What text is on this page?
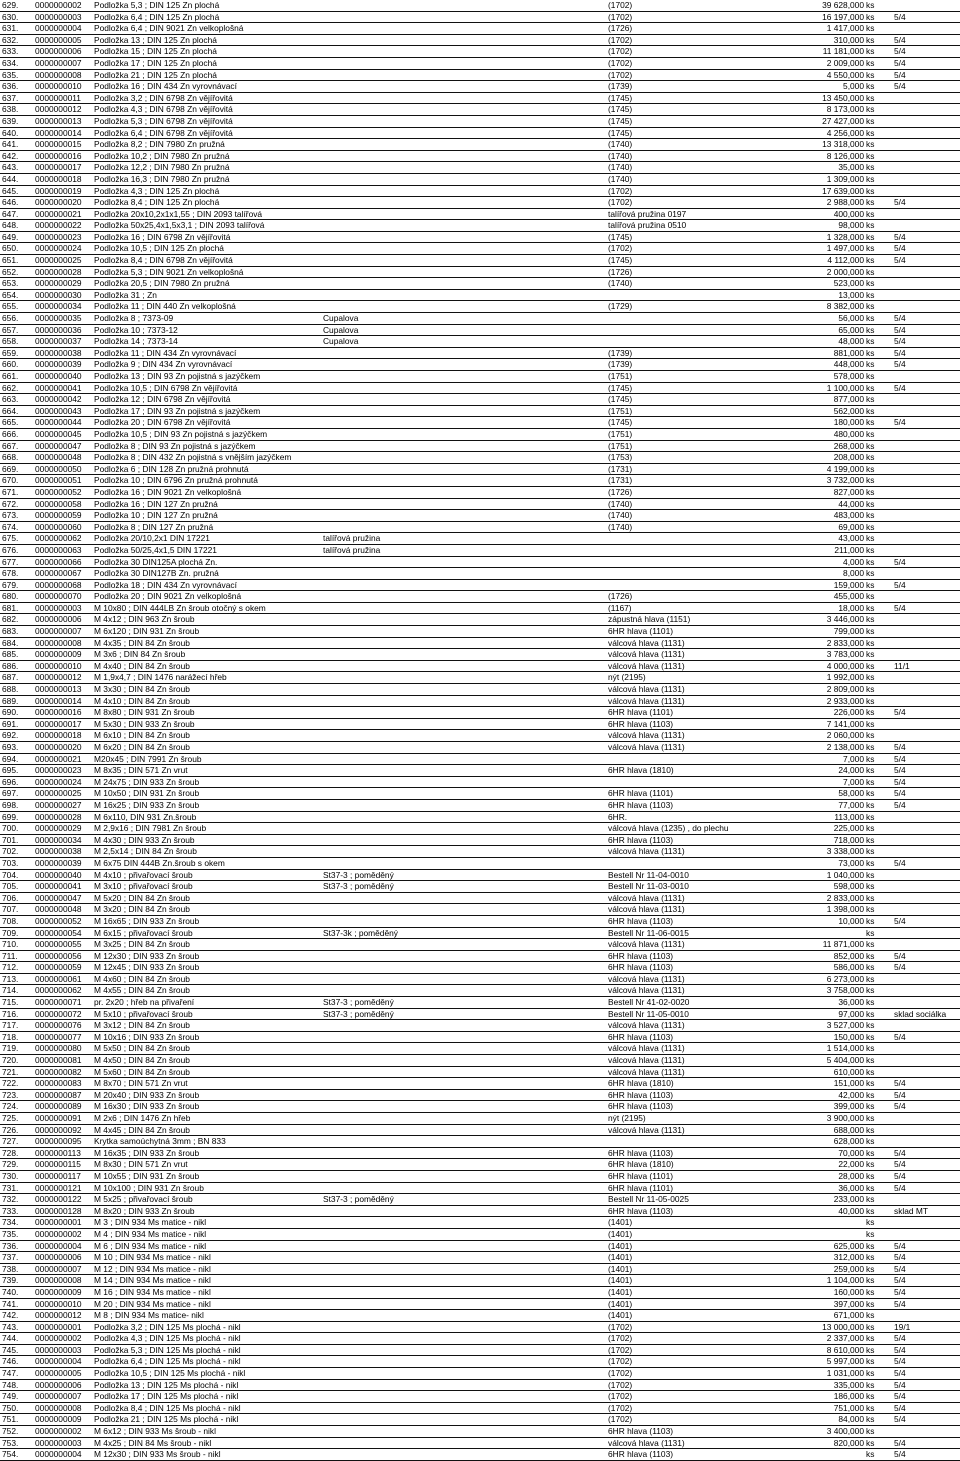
629.	0000000002	Podložka 5,3 ; DIN 125 Zn plochá	(1702)	39 628,000 ks
630.	0000000003	Podložka 6,4 ; DIN 125 Zn plochá	(1702)	16 197,000 ks	5/4
631.	0000000004	Podložka 6,4 ; DIN 9021 Zn velkoplošná	(1726)	1 417,000 ks
632.	0000000005	Podložka 13 ; DIN 125 Zn plochá	(1702)	310,000 ks	5/4
633.	0000000006	Podložka 15 ; DIN 125 Zn plochá	(1702)	11 181,000 ks	5/4
634.	0000000007	Podložka 17 ; DIN 125 Zn plochá	(1702)	2 009,000 ks	5/4
635.	0000000008	Podložka 21 ; DIN 125 Zn plochá	(1702)	4 550,000 ks	5/4
636.	0000000010	Podložka 16 ; DIN 434 Zn vyrovnávací	(1739)	5,000 ks	5/4
637.	0000000011	Podložka 3,2 ; DIN 6798 Zn vějířovitá	(1745)	13 450,000 ks
638.	0000000012	Podložka 4,3 ; DIN 6798 Zn vějířovitá	(1745)	8 173,000 ks
639.	0000000013	Podložka 5,3 ; DIN 6798 Zn vějířovitá	(1745)	27 427,000 ks
640.	0000000014	Podložka 6,4 ; DIN 6798 Zn vějířovitá	(1745)	4 256,000 ks
641.	0000000015	Podložka 8,2 ; DIN 7980 Zn pružná	(1740)	13 318,000 ks
642.	0000000016	Podložka 10,2 ; DIN 7980 Zn pružná	(1740)	8 126,000 ks
643.	0000000017	Podložka 12,2 ; DIN 7980 Zn pružná	(1740)	35,000 ks
644.	0000000018	Podložka 16,3 ; DIN 7980 Zn pružná	(1740)	1 309,000 ks
645.	0000000019	Podložka 4,3 ; DIN 125 Zn plochá	(1702)	17 639,000 ks
646.	0000000020	Podložka 8,4 ; DIN 125 Zn plochá	(1702)	2 988,000 ks	5/4
647.	0000000021	Podložka 20x10,2x1x1,55 ; DIN 2093 talířová	talířová pružina 0197	400,000 ks
648.	0000000022	Podložka 50x25,4x1,5x3,1 ; DIN 2093 talířová	talířová pružina 0510	98,000 ks
649.	0000000023	Podložka 16 ; DIN 6798 Zn vějířovitá	(1745)	1 328,000 ks	5/4
650.	0000000024	Podložka 10,5 ; DIN 125 Zn plochá	(1702)	1 497,000 ks	5/4
651.	0000000025	Podložka 8,4 ; DIN 6798 Zn vějířovitá	(1745)	4 112,000 ks	5/4
652.	0000000028	Podložka 5,3 ; DIN 9021 Zn velkoplošná	(1726)	2 000,000 ks
653.	0000000029	Podložka 20,5 ; DIN 7980 Zn pružná	(1740)	523,000 ks
654.	0000000030	Podložka 31 ; Zn	13,000 ks
655.	0000000034	Podložka 11 ; DIN 440 Zn velkoplošná	(1729)	8 382,000 ks
656.	0000000035	Podložka 8 ; 7373-09	Cupalova	56,000 ks	5/4
657.	0000000036	Podložka 10 ; 7373-12	Cupalova	65,000 ks	5/4
658.	0000000037	Podložka 14 ; 7373-14	Cupalova	48,000 ks	5/4
659.	0000000038	Podložka 11 ; DIN 434 Zn vyrovnávací	(1739)	881,000 ks	5/4
660.	0000000039	Podložka 9 ; DIN 434 Zn vyrovnávací	(1739)	448,000 ks	5/4
661.	0000000040	Podložka 13 ; DIN 93 Zn pojistná s jazýčkem	(1751)	578,000 ks
662.	0000000041	Podložka 10,5 ; DIN 6798 Zn vějířovitá	(1745)	1 100,000 ks	5/4
663.	0000000042	Podložka 12 ; DIN 6798 Zn vějířovitá	(1745)	877,000 ks
664.	0000000043	Podložka 17 ; DIN 93 Zn pojistná s jazýčkem	(1751)	562,000 ks
665.	0000000044	Podložka 20 ; DIN 6798 Zn vějířovitá	(1745)	180,000 ks	5/4
666.	0000000045	Podložka 10,5 ; DIN 93 Zn pojistná s jazýčkem	(1751)	480,000 ks
667.	0000000047	Podložka 8 ; DIN 93 Zn pojistná s jazýčkem	(1751)	268,000 ks
668.	0000000048	Podložka 8 ; DIN 432 Zn pojistná s vnějším jazýčkem	(1753)	208,000 ks
669.	0000000050	Podložka 6 ; DIN 128 Zn pružná prohnutá	(1731)	4 199,000 ks
670.	0000000051	Podložka 10 ; DIN 6796 Zn pružná prohnutá	(1731)	3 732,000 ks
671.	0000000052	Podložka 16 ; DIN 9021 Zn velkoplošná	(1726)	827,000 ks
672.	0000000058	Podložka 16 ; DIN 127 Zn pružná	(1740)	44,000 ks
673.	0000000059	Podložka 10 ; DIN 127 Zn pružná	(1740)	483,000 ks
674.	0000000060	Podložka 8 ; DIN 127 Zn pružná	(1740)	69,000 ks
675.	0000000062	Podložka 20/10,2x1 DIN 17221	talířová pružina	43,000 ks
676.	0000000063	Podložka 50/25,4x1,5 DIN 17221	talířová pružina	211,000 ks
677.	0000000066	Podložka 30 DIN125A plochá Zn.	4,000 ks	5/4
678.	0000000067	Podložka 30 DIN127B Zn. pružná	8,000 ks
679.	0000000068	Podložka 18 ; DIN 434 Zn vyrovnávací	159,000 ks	5/4
680.	0000000070	Podložka 20 ; DIN 9021 Zn velkoplošná	(1726)	455,000 ks
681.	0000000003	M 10x80 ; DIN 444LB Zn šroub otočný s okem	(1167)	18,000 ks	5/4
682.	0000000006	M 4x12 ; DIN 963 Zn šroub	zápustná hlava (1151)	3 446,000 ks
683.	0000000007	M 6x120 ; DIN 931 Zn šroub	6HR hlava (1101)	799,000 ks
684.	0000000008	M 4x35 ; DIN 84 Zn šroub	válcová hlava (1131)	2 833,000 ks
685.	0000000009	M 3x6 ; DIN 84 Zn šroub	válcová hlava (1131)	3 783,000 ks
686.	0000000010	M 4x40 ; DIN 84 Zn šroub	válcová hlava (1131)	4 000,000 ks	11/1
687.	0000000012	M 1,9x4,7 ; DIN 1476 narážecí hřeb	nýt (2195)	1 992,000 ks
688.	0000000013	M 3x30 ; DIN 84 Zn šroub	válcová hlava (1131)	2 809,000 ks
689.	0000000014	M 4x10 ; DIN 84 Zn šroub	válcová hlava (1131)	2 933,000 ks
690.	0000000016	M 8x80 ; DIN 931 Zn šroub	6HR hlava (1101)	226,000 ks	5/4
691.	0000000017	M 5x30 ; DIN 933 Zn šroub	6HR hlava (1103)	7 141,000 ks
692.	0000000018	M 6x10 ; DIN 84 Zn šroub	válcová hlava (1131)	2 060,000 ks
693.	0000000020	M 6x20 ; DIN 84 Zn šroub	válcová hlava (1131)	2 138,000 ks	5/4
694.	0000000021	M20x45 ; DIN 7991 Zn šroub	7,000 ks	5/4
695.	0000000023	M 8x35 ; DIN 571 Zn vrut	6HR hlava (1810)	24,000 ks	5/4
696.	0000000024	M 24x75 ; DIN 933 Zn šroub	7,000 ks	5/4
697.	0000000025	M 10x50 ; DIN 931 Zn šroub	6HR hlava (1101)	58,000 ks	5/4
698.	0000000027	M 16x25 ; DIN 933 Zn šroub	6HR hlava (1103)	77,000 ks	5/4
699.	0000000028	M 6x110, DIN 931 Zn.šroub	6HR.	113,000 ks
700.	0000000029	M 2,9x16 ; DIN 7981 Zn šroub	válcová hlava (1235) , do plechu	225,000 ks
701.	0000000034	M 4x30 ; DIN 933 Zn šroub	6HR hlava (1103)	718,000 ks
702.	0000000038	M 2,5x14 ; DIN 84 Zn šroub	válcová hlava (1131)	3 338,000 ks
703.	0000000039	M 6x75 DIN 444B Zn.šroub s okem	73,000 ks	5/4
704.	0000000040	M 4x10 ; přivařovací šroub	St37-3 ; poměděný	Bestell Nr 11-04-0010	1 040,000 ks
705.	0000000041	M 3x10 ; přivařovací šroub	St37-3 ; poměděný	Bestell Nr 11-03-0010	598,000 ks
706.	0000000047	M 5x20 ; DIN 84 Zn šroub	válcová hlava (1131)	2 833,000 ks
707.	0000000048	M 3x20 ; DIN 84 Zn šroub	válcová hlava (1131)	1 398,000 ks
708.	0000000052	M 16x65 ; DIN 933 Zn šroub	6HR hlava (1103)	10,000 ks	5/4
709.	0000000054	M 6x15 ; přivařovací šroub	St37-3k ; poměděný	Bestell Nr 11-06-0015	ks
710.	0000000055	M 3x25 ; DIN 84 Zn šroub	válcová hlava (1131)	11 871,000 ks
711.	0000000056	M 12x30 ; DIN 933 Zn šroub	6HR hlava (1103)	852,000 ks	5/4
712.	0000000059	M 12x45 ; DIN 933 Zn šroub	6HR hlava (1103)	586,000 ks	5/4
713.	0000000061	M 4x60 ; DIN 84 Zn šroub	válcová hlava (1131)	6 273,000 ks
714.	0000000062	M 4x55 ; DIN 84 Zn šroub	válcová hlava (1131)	3 758,000 ks
715.	0000000071	pr. 2x20 ; hřeb na přivaření	St37-3 ; poměděný	Bestell Nr 41-02-0020	36,000 ks
716.	0000000072	M 5x10 ; přivařovací šroub	St37-3 ; poměděný	Bestell Nr 11-05-0010	97,000 ks	sklad sociálka
717.	0000000076	M 3x12 ; DIN 84 Zn šroub	válcová hlava (1131)	3 527,000 ks
718.	0000000077	M 10x16 ; DIN 933 Zn šroub	6HR hlava (1103)	150,000 ks	5/4
719.	0000000080	M 5x50 ; DIN 84 Zn šroub	válcová hlava (1131)	1 514,000 ks
720.	0000000081	M 4x50 ; DIN 84 Zn šroub	válcová hlava (1131)	5 404,000 ks
721.	0000000082	M 5x60 ; DIN 84 Zn šroub	válcová hlava (1131)	610,000 ks
722.	0000000083	M 8x70 ; DIN 571 Zn vrut	6HR hlava (1810)	151,000 ks	5/4
723.	0000000087	M 20x40 ; DIN 933 Zn šroub	6HR hlava (1103)	42,000 ks	5/4
724.	0000000089	M 16x30 ; DIN 933 Zn šroub	6HR hlava (1103)	399,000 ks	5/4
725.	0000000091	M 2x6 ; DIN 1476 Zn hřeb	nýt (2195)	3 900,000 ks
726.	0000000092	M 4x45 ; DIN 84 Zn šroub	válcová hlava (1131)	688,000 ks
727.	0000000095	Krytka samoúchytná 3mm ; BN 833	628,000 ks
728.	0000000113	M 16x35 ; DIN 933 Zn šroub	6HR hlava (1103)	70,000 ks	5/4
729.	0000000115	M 8x30 ; DIN 571 Zn vrut	6HR hlava (1810)	22,000 ks	5/4
730.	0000000117	M 10x55 ; DIN 931 Zn šroub	6HR hlava (1101)	28,000 ks	5/4
731.	0000000121	M 10x100 ; DIN 931 Zn šroub	6HR hlava (1101)	36,000 ks	5/4
732.	0000000122	M 5x25 ; přivařovací šroub	St37-3 ; poměděný	Bestell Nr 11-05-0025	233,000 ks
733.	0000000128	M 8x20 ; DIN 933 Zn šroub	6HR hlava (1103)	40,000 ks	sklad MT
734.	0000000001	M 3 ; DIN 934 Ms matice - nikl	(1401)	ks
735.	0000000002	M 4 ; DIN 934 Ms matice - nikl	(1401)	ks
736.	0000000004	M 6 ; DIN 934 Ms matice - nikl	(1401)	625,000 ks	5/4
737.	0000000006	M 10 ; DIN 934 Ms matice - nikl	(1401)	312,000 ks	5/4
738.	0000000007	M 12 ; DIN 934 Ms matice - nikl	(1401)	259,000 ks	5/4
739.	0000000008	M 14 ; DIN 934 Ms matice - nikl	(1401)	1 104,000 ks	5/4
740.	0000000009	M 16 ; DIN 934 Ms matice - nikl	(1401)	160,000 ks	5/4
741.	0000000010	M 20 ; DIN 934 Ms matice - nikl	(1401)	397,000 ks	5/4
742.	0000000012	M 8 ; DIN 934 Ms matice- nikl	(1401)	671,000 ks
743.	0000000001	Podložka 3,2 ; DIN 125 Ms plochá - nikl	(1702)	13 000,000 ks	19/1
744.	0000000002	Podložka 4,3 ; DIN 125 Ms plochá - nikl	(1702)	2 337,000 ks	5/4
745.	0000000003	Podložka 5,3 ; DIN 125 Ms plochá - nikl	(1702)	8 610,000 ks	5/4
746.	0000000004	Podložka 6,4 ; DIN 125 Ms plochá - nikl	(1702)	5 997,000 ks	5/4
747.	0000000005	Podložka 10,5 ; DIN 125 Ms plochá - nikl	(1702)	1 031,000 ks	5/4
748.	0000000006	Podložka 13 ; DIN 125 Ms plochá - nikl	(1702)	335,000 ks	5/4
749.	0000000007	Podložka 17 ; DIN 125 Ms plochá - nikl	(1702)	186,000 ks	5/4
750.	0000000008	Podložka 8,4 ; DIN 125 Ms plochá - nikl	(1702)	751,000 ks	5/4
751.	0000000009	Podložka 21 ; DIN 125 Ms plochá - nikl	(1702)	84,000 ks	5/4
752.	0000000002	M 6x12 ; DIN 933 Ms šroub - nikl	6HR hlava (1103)	3 400,000 ks
753.	0000000003	M 4x25 ; DIN 84 Ms šroub - nikl	válcová hlava (1131)	820,000 ks	5/4
754.	0000000004	M 12x30 ; DIN 933 Ms šroub - nikl	6HR hlava (1103)	ks	5/4
